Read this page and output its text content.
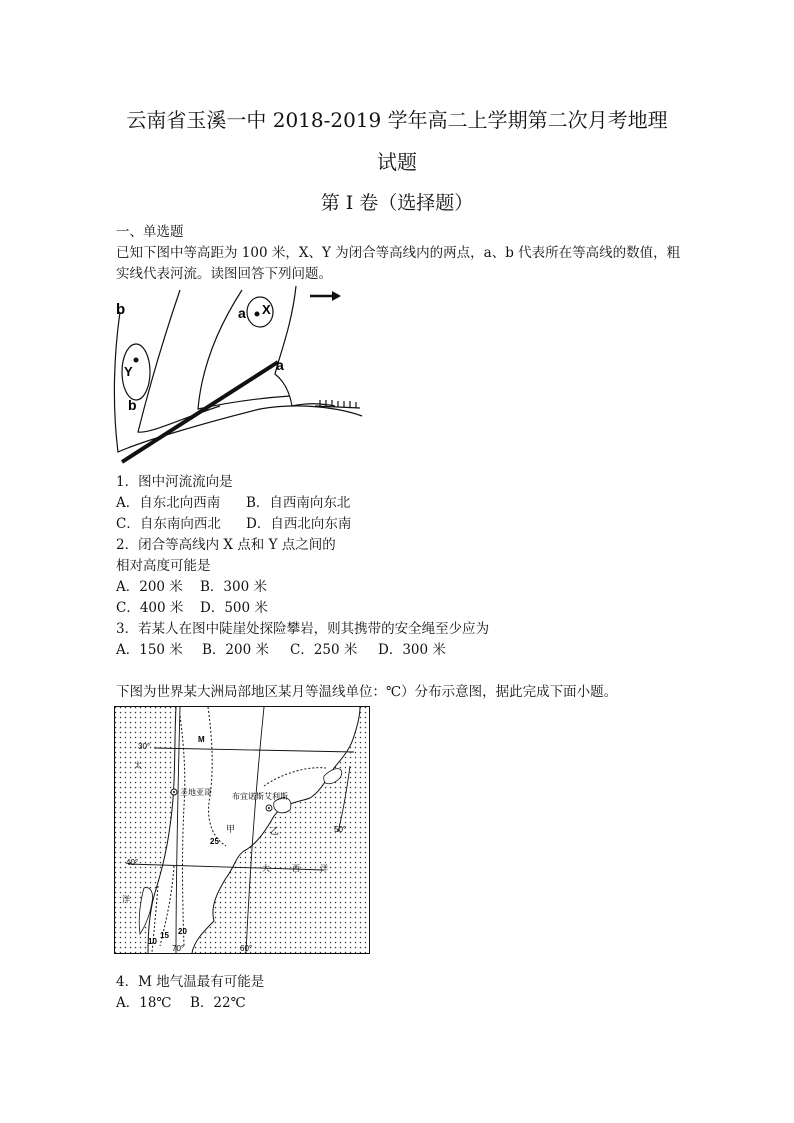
云南省玉溪一中 2018-2019 学年高二上学期第二次月考地理
试题
第 I 卷（选择题）
一、单选题
已知下图中等高距为 100 米，X、Y 为闭合等高线内的两点，a、b 代表所在等高线的数值，粗
实线代表河流。读图回答下列问题。
b	a X
Y
b
a
1．图中河流流向是
A．自东北向西南 B．自西南向东北
C．自东南向西北 D．自西北向东南
2．闭合等高线内 X 点和 Y 点之间的
相对高度可能是
A．200 米 B．300 米
C．400 米 D．500 米
3．若某人在图中陡崖处探险攀岩，则其携带的安全绳至少应为
A．150 米 B．200 米 C．250 米 D．300 米
下图为世界某大洲局部地区某月等温线单位：℃）分布示意图，据此完成下面小题。
30°
40°
70°	60°
50°
M
圣地亚哥	布宜诺斯艾利斯
甲	乙
25
20
15
10
太
洋
大	西	洋
4．M 地气温最有可能是
A．18℃ B．22℃
